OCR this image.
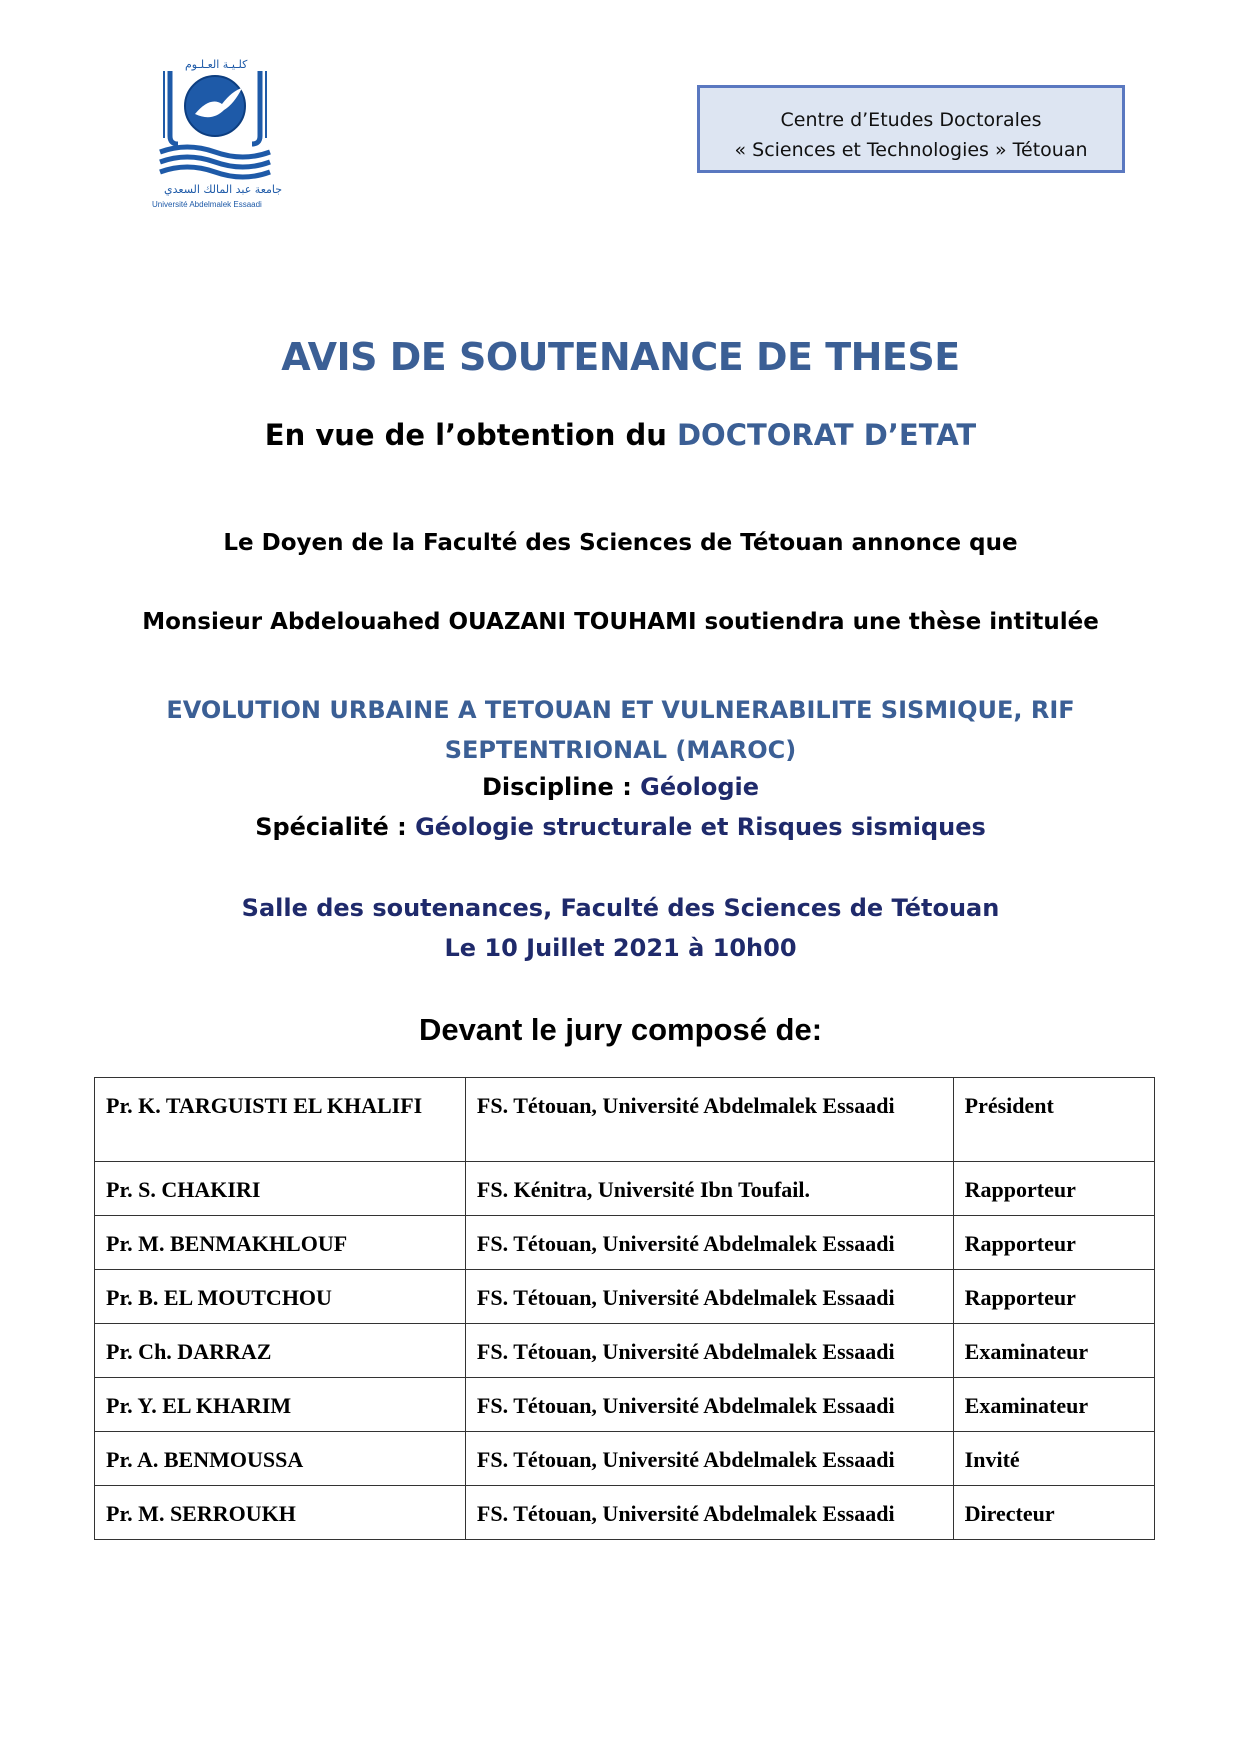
كلـيـة العـلـوم
جامعة عبد المالك السعدي
Université Abdelmalek Essaadi
Centre d’Etudes Doctorales
« Sciences et Technologies » Tétouan
AVIS DE SOUTENANCE DE THESE
En vue de l’obtention du DOCTORAT D’ETAT
Le Doyen de la Faculté des Sciences de Tétouan annonce que
Monsieur Abdelouahed OUAZANI TOUHAMI soutiendra une thèse intitulée
EVOLUTION URBAINE A TETOUAN ET VULNERABILITE SISMIQUE, RIF SEPTENTRIONAL (MAROC)
Discipline : Géologie
Spécialité : Géologie structurale et Risques sismiques
Salle des soutenances, Faculté des Sciences de Tétouan
Le 10 Juillet 2021 à 10h00
Devant le jury composé de:
Pr. K. TARGUISTI EL KHALIFI	FS. Tétouan, Université Abdelmalek Essaadi	Président
Pr. S. CHAKIRI	FS. Kénitra, Université Ibn Toufail.	Rapporteur
Pr. M. BENMAKHLOUF	FS. Tétouan, Université Abdelmalek Essaadi	Rapporteur
Pr. B. EL MOUTCHOU	FS. Tétouan, Université Abdelmalek Essaadi	Rapporteur
Pr. Ch. DARRAZ	FS. Tétouan, Université Abdelmalek Essaadi	Examinateur
Pr. Y. EL KHARIM	FS. Tétouan, Université Abdelmalek Essaadi	Examinateur
Pr. A. BENMOUSSA	FS. Tétouan, Université Abdelmalek Essaadi	Invité
Pr. M. SERROUKH	FS. Tétouan, Université Abdelmalek Essaadi	Directeur
